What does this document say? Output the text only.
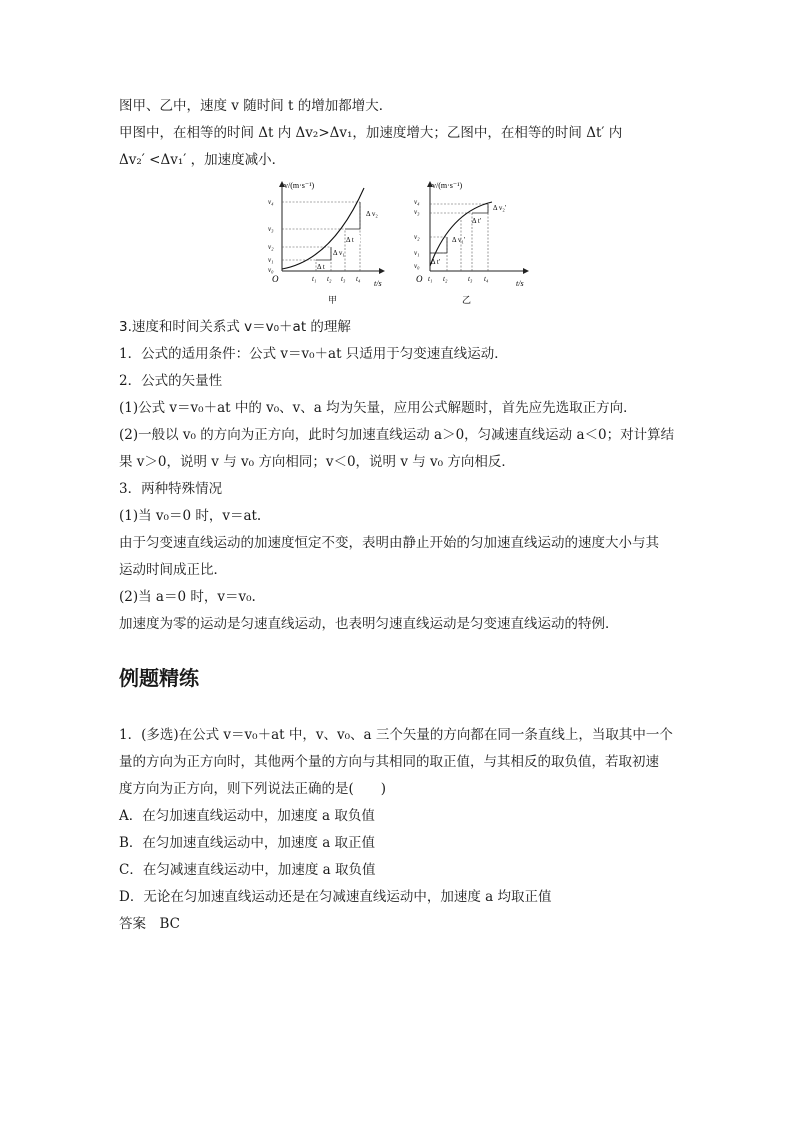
图甲、乙中，速度 v 随时间 t 的增加都增大．
甲图中，在相等的时间 Δt 内 Δv₂>Δv₁，加速度增大；乙图中，在相等的时间 Δt′ 内
Δv₂′ <Δv₁′ ，加速度减小．
v/(m·s⁻¹)
t/s
O
v₄
v₃
v₂
v₁
v₀
t₁ t₂ t₃ t₄
Δ t
Δ v₁
Δ v₂
Δ t
甲
v/(m·s⁻¹)
t/s
O
v₄
v₃
v₂
v₁
v₀
t₁ t₂	t₃ t₄
Δ t′
Δ v₁′
Δ t′
Δ v₂′
乙
3.速度和时间关系式 v＝v₀＋at 的理解
1．公式的适用条件：公式 v＝v₀＋at 只适用于匀变速直线运动．
2．公式的矢量性
(1)公式 v＝v₀＋at 中的 v₀、v、a 均为矢量，应用公式解题时，首先应先选取正方向．
(2)一般以 v₀ 的方向为正方向，此时匀加速直线运动 a＞0，匀减速直线运动 a＜0；对计算结
果 v＞0，说明 v 与 v₀ 方向相同；v＜0，说明 v 与 v₀ 方向相反．
3．两种特殊情况
(1)当 v₀＝0 时，v＝at.
由于匀变速直线运动的加速度恒定不变，表明由静止开始的匀加速直线运动的速度大小与其
运动时间成正比．
(2)当 a＝0 时，v＝v₀.
加速度为零的运动是匀速直线运动，也表明匀速直线运动是匀变速直线运动的特例．
例题精练
1．(多选)在公式 v＝v₀＋at 中，v、v₀、a 三个矢量的方向都在同一条直线上，当取其中一个
量的方向为正方向时，其他两个量的方向与其相同的取正值，与其相反的取负值，若取初速
度方向为正方向，则下列说法正确的是(　　)
A．在匀加速直线运动中，加速度 a 取负值
B．在匀加速直线运动中，加速度 a 取正值
C．在匀减速直线运动中，加速度 a 取负值
D．无论在匀加速直线运动还是在匀减速直线运动中，加速度 a 均取正值
答案　BC
